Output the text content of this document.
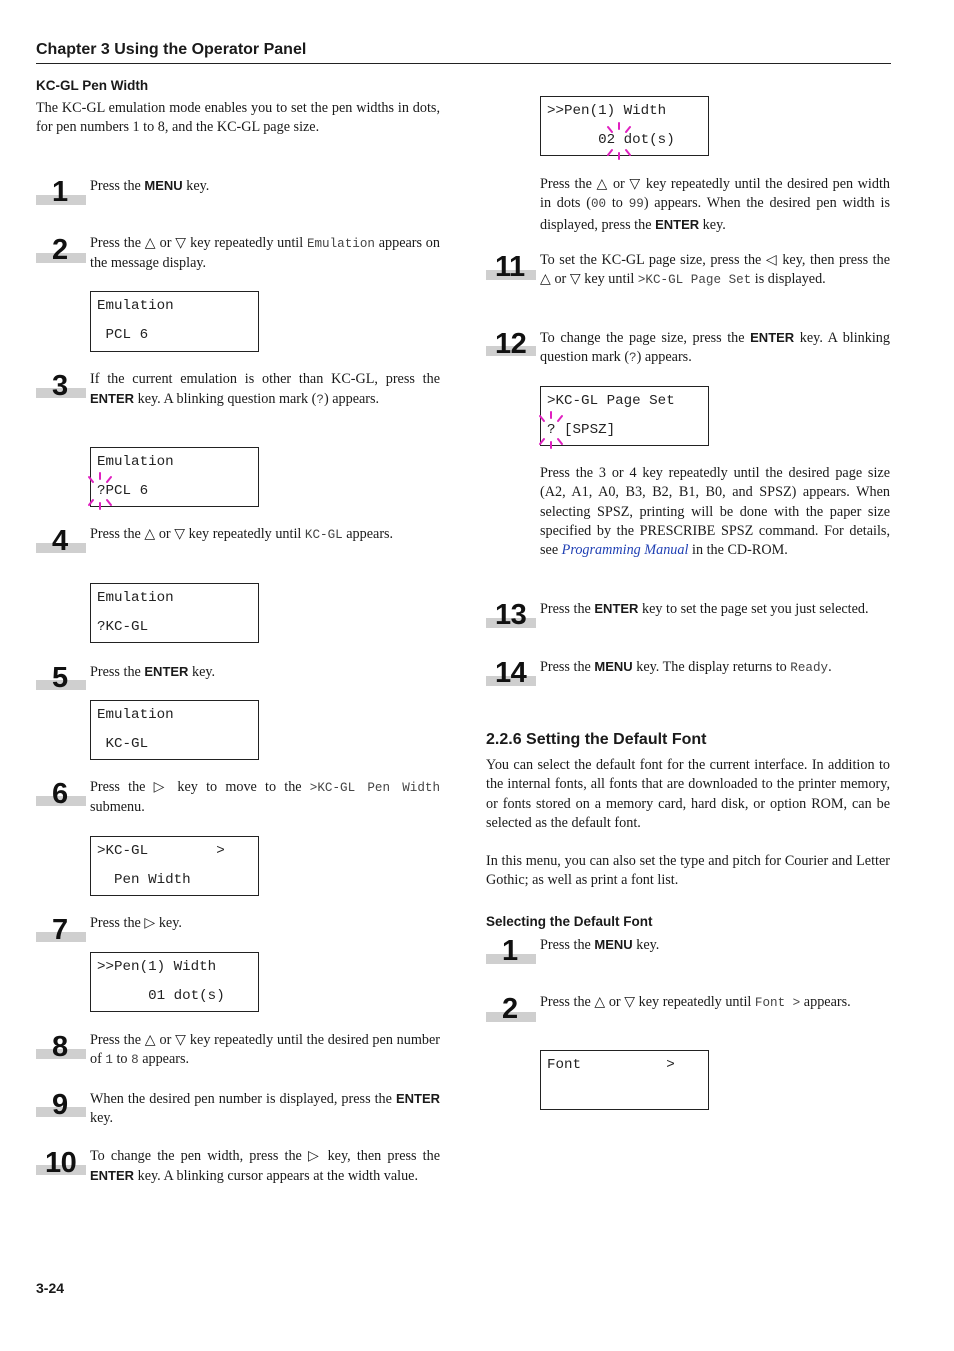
Chapter 3 Using the Operator Panel
KC-GL Pen Width
The KC-GL emulation mode enables you to set the pen widths in dots, for pen numbers 1 to 8, and the KC-GL page size.
1 Press the MENU key.
2 Press the △ or ▽ key repeatedly until Emulation appears on the message display.
Emulation
PCL 6
3 If the current emulation is other than KC-GL, press the ENTER key. A blinking question mark (?) appears.
Emulation
?PCL 6
4 Press the △ or ▽ key repeatedly until KC-GL appears.
Emulation
?KC-GL
5 Press the ENTER key.
Emulation
KC-GL
6 Press the ▷ key to move to the >KC-GL Pen Width submenu.
>KC-GL        >
Pen Width
7 Press the ▷ key.
>>Pen(1) Width
01 dot(s)
8 Press the △ or ▽ key repeatedly until the desired pen number of 1 to 8 appears.
9 When the desired pen number is displayed, press the ENTER key.
10 To change the pen width, press the ▷ key, then press the ENTER key. A blinking cursor appears at the width value.
>>Pen(1) Width
02 dot(s)
Press the △ or ▽ key repeatedly until the desired pen width in dots (00 to 99) appears. When the desired pen width is displayed, press the ENTER key.
11 To set the KC-GL page size, press the ◁ key, then press the △ or ▽ key until >KC-GL Page Set is displayed.
12 To change the page size, press the ENTER key. A blinking question mark (?) appears.
>KC-GL Page Set
? [SPSZ]
Press the 3 or 4 key repeatedly until the desired page size (A2, A1, A0, B3, B2, B1, B0, and SPSZ) appears. When selecting SPSZ, printing will be done with the paper size specified by the PRESCRIBE SPSZ command. For details, see Programming Manual in the CD-ROM.
13 Press the ENTER key to set the page set you just selected.
14 Press the MENU key. The display returns to Ready.
2.2.6 Setting the Default Font
You can select the default font for the current interface. In addition to the internal fonts, all fonts that are downloaded to the printer memory, or fonts stored on a memory card, hard disk, or option ROM, can be selected as the default font.
In this menu, you can also set the type and pitch for Courier and Letter Gothic; as well as print a font list.
Selecting the Default Font
1 Press the MENU key.
2 Press the △ or ▽ key repeatedly until Font > appears.
Font          >
3-24
